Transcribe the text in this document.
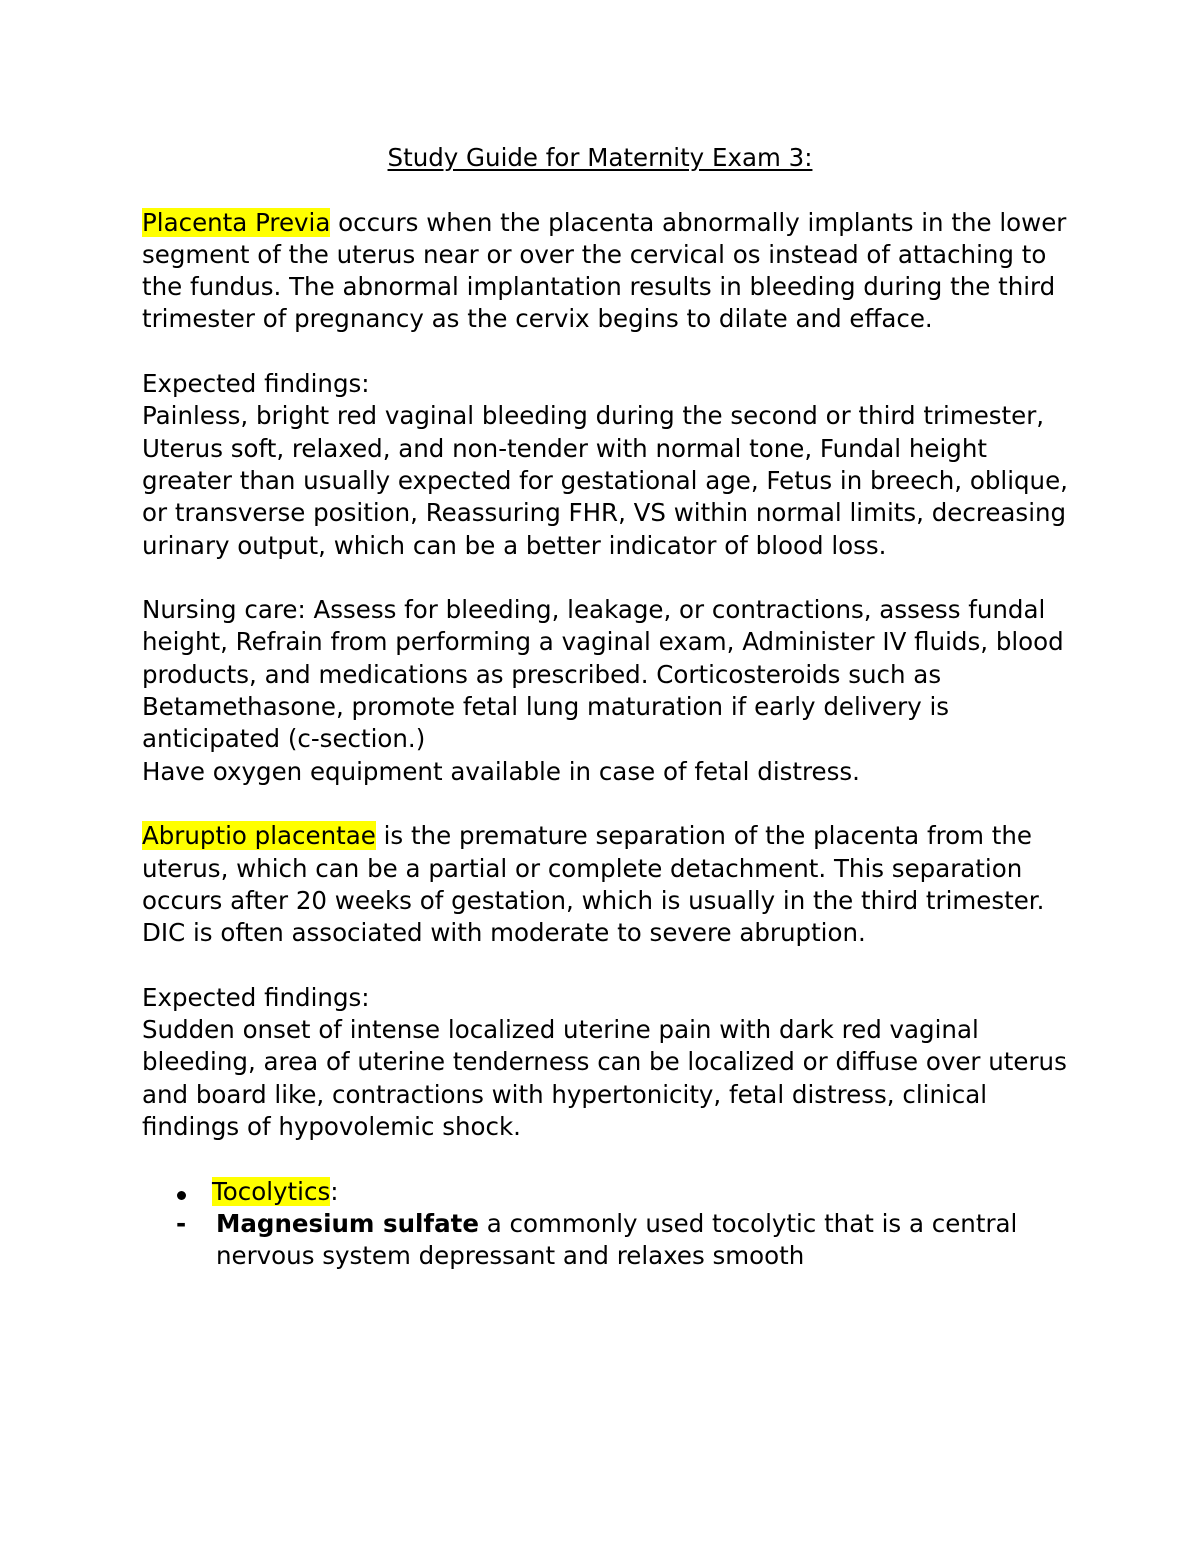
Study Guide for Maternity Exam 3:

Placenta Previa occurs when the placenta abnormally implants in the lower segment of the uterus near or over the cervical os instead of attaching to the fundus. The abnormal implantation results in bleeding during the third trimester of pregnancy as the cervix begins to dilate and efface.

Expected findings:

Painless, bright red vaginal bleeding during the second or third trimester, Uterus soft, relaxed, and non-tender with normal tone, Fundal height greater than usually expected for gestational age, Fetus in breech, oblique, or transverse position, Reassuring FHR, VS within normal limits, decreasing urinary output, which can be a better indicator of blood loss.

Nursing care: Assess for bleeding, leakage, or contractions, assess fundal height, Refrain from performing a vaginal exam, Administer IV fluids, blood products, and medications as prescribed. Corticosteroids such as Betamethasone, promote fetal lung maturation if early delivery is anticipated (c-section.)

Have oxygen equipment available in case of fetal distress.

Abruptio placentae is the premature separation of the placenta from the uterus, which can be a partial or complete detachment. This separation occurs after 20 weeks of gestation, which is usually in the third trimester. DIC is often associated with moderate to severe abruption.

Expected findings:

Sudden onset of intense localized uterine pain with dark red vaginal bleeding, area of uterine tenderness can be localized or diffuse over uterus and board like, contractions with hypertonicity, fetal distress, clinical findings of hypovolemic shock.

Tocolytics:
-	Magnesium sulfate a commonly used tocolytic that is a central nervous system depressant and relaxes smooth
